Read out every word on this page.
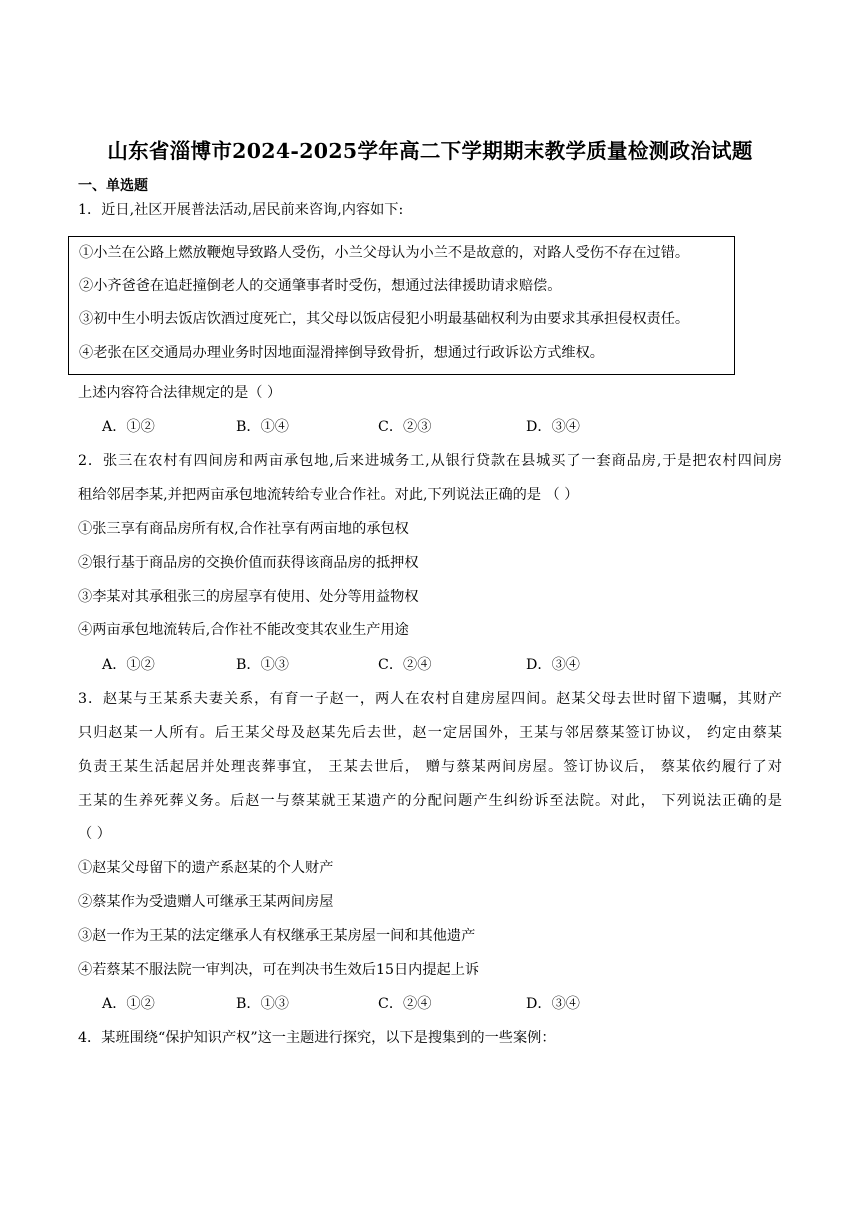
山东省淄博市2024-2025学年高二下学期期末教学质量检测政治试题
一、单选题
1．近日,社区开展普法活动,居民前来咨询,内容如下:
①小兰在公路上燃放鞭炮导致路人受伤，小兰父母认为小兰不是故意的，对路人受伤不存在过错。
②小齐爸爸在追赶撞倒老人的交通肇事者时受伤，想通过法律援助请求赔偿。
③初中生小明去饭店饮酒过度死亡，其父母以饭店侵犯小明最基础权利为由要求其承担侵权责任。
④老张在区交通局办理业务时因地面湿滑摔倒导致骨折，想通过行政诉讼方式维权。
上述内容符合法律规定的是（ ）
A．①②	B．①④	C．②③	D．③④
2．张三在农村有四间房和两亩承包地,后来进城务工,从银行贷款在县城买了一套商品房,于是把农村四间房
租给邻居李某,并把两亩承包地流转给专业合作社。对此,下列说法正确的是 （ ）
①张三享有商品房所有权,合作社享有两亩地的承包权
②银行基于商品房的交换价值而获得该商品房的抵押权
③李某对其承租张三的房屋享有使用、处分等用益物权
④两亩承包地流转后,合作社不能改变其农业生产用途
A．①②	B．①③	C．②④	D．③④
3．赵某与王某系夫妻关系，有育一子赵一，两人在农村自建房屋四间。赵某父母去世时留下遗嘱，其财产
只归赵某一人所有。后王某父母及赵某先后去世，赵一定居国外，王某与邻居蔡某签订协议， 约定由蔡某
负责王某生活起居并处理丧葬事宜， 王某去世后， 赠与蔡某两间房屋。签订协议后， 蔡某依约履行了对
王某的生养死葬义务。后赵一与蔡某就王某遗产的分配问题产生纠纷诉至法院。对此， 下列说法正确的是
（ ）
①赵某父母留下的遗产系赵某的个人财产
②蔡某作为受遗赠人可继承王某两间房屋
③赵一作为王某的法定继承人有权继承王某房屋一间和其他遗产
④若蔡某不服法院一审判决，可在判决书生效后15日内提起上诉
A．①②	B．①③	C．②④	D．③④
4．某班围绕“保护知识产权”这一主题进行探究，以下是搜集到的一些案例：
